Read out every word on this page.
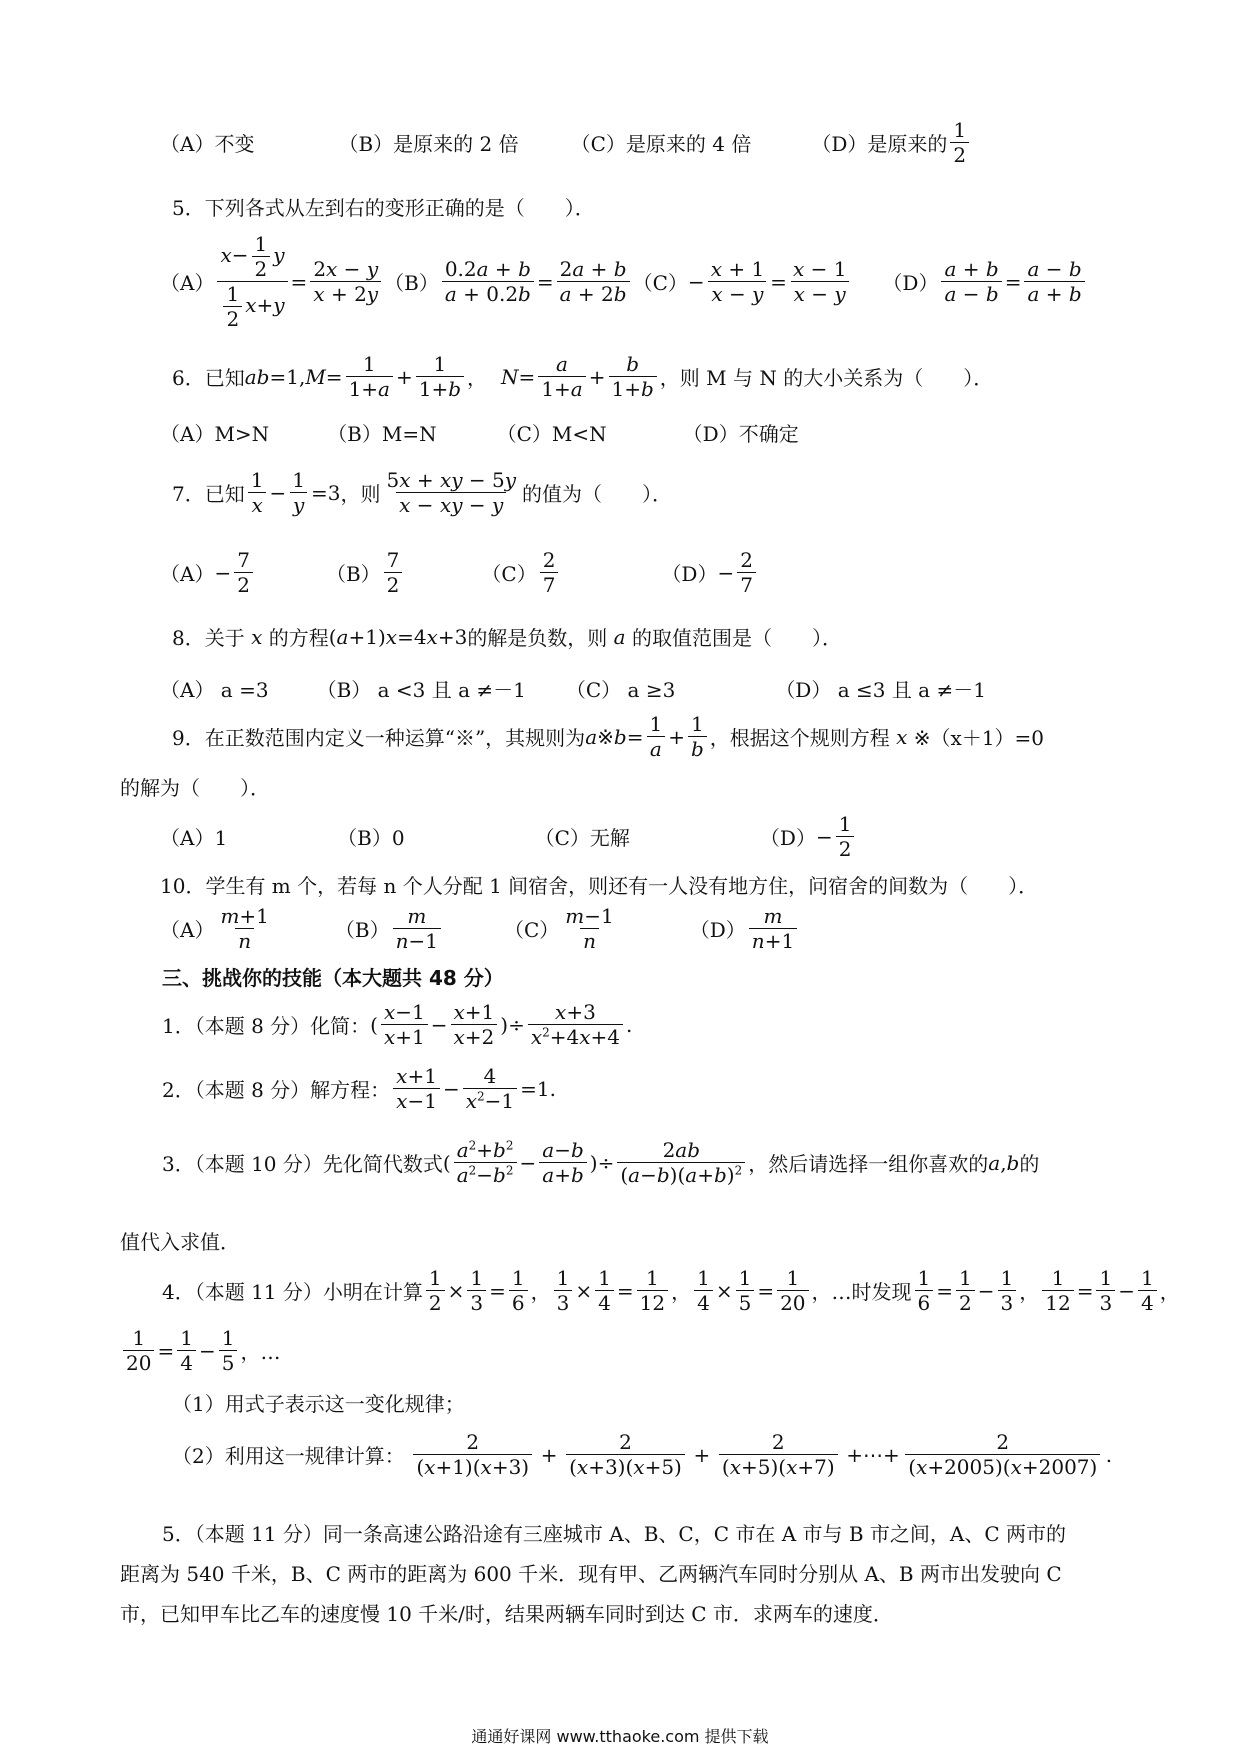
（A）不变	（B）是原来的 2 倍	（C）是原来的 4 倍	（D）是原来的 $\frac{1}{2}$
5．下列各式从左到右的变形正确的是（　　）．
$(A) \frac{x- \frac{1}{2} y}{\frac{1}{2} x+y} = \frac{2x - y}{x + 2y} (B) \frac{0.2a + b}{a + 0.2b} = \frac{2a + b}{a + 2b} (C) - \frac{x + 1}{x - y} = \frac{x - 1}{x - y} (D) \frac{a + b}{a - b} = \frac{a - b}{a + b}$
6．已知 ab =1, $M = \frac{1}{1+a} + \frac{1}{1+b}$ ， $N = \frac{a}{1+a} + \frac{b}{1+b}$ ，则 M 与 N 的大小关系为（　　）．
（A）M>N	（B）M=N	（C）M<N	（D）不确定
7．已知 $\frac{1}{x} - \frac{1}{y} =3$ ，则 $\frac{5x + xy - 5y}{x - xy - y}$ 的值为（　　）．
$(A) - \frac{7}{2}$	$(B) \frac{7}{2}$	$(C) \frac{2}{7}$	$(D) - \frac{2}{7}$
8．关于 x 的方程 ( a +1) x =4 x +3 的解是负数，则 a 的取值范围是（　　）．
（A） a =3 （B） a <3 且 a ≠－1 （C） a ≥3	（D） a ≤3 且 a ≠－1
9．在正数范围内定义一种运算“※”，其规则为 a ※ $b = \frac{1}{a} + \frac{1}{b}$ ，根据这个规则方程 x ※（x＋1）=0
的解为（　　）．
（A）1	（B）0	（C）无解	$(D) - \frac{1}{2}$
10．学生有 m 个，若每 n 个人分配 1 间宿舍，则还有一人没有地方住，问宿舍的间数为（　　）．
$(A) \frac{m+1}{n}$	$(B) \frac{m}{n-1}$	$(C) \frac{m-1}{n}$	$(D) \frac{m}{n+1}$
三、挑战你的技能（本大题共 48 分）
1．（本题 8 分）化简： ( $\frac{x-1}{x+1} - \frac{x+1}{x+2}$ )÷ $\frac{x+3}{x^2+4x+4}$ .
2．（本题 8 分）解方程： $\frac{x+1}{x-1} - \frac{4}{x^2-1} =1$.
3．（本题 10 分）先化简代数式 ( $\frac{a^2+b^2}{a^2-b^2} - \frac{a-b}{a+b}$ )÷ $\frac{2ab}{(a-b)(a+b)^2}$ ，然后请选择一组你喜欢的 a , b 的
值代入求值．
4．（本题 11 分）小明在计算 $\frac{1}{2} \times \frac{1}{3} = \frac{1}{6}$ ， $\frac{1}{3} \times \frac{1}{4} = \frac{1}{12}$ ， $\frac{1}{4} \times \frac{1}{5} = \frac{1}{20}$ ， …时发现 $\frac{1}{6} = \frac{1}{2} - \frac{1}{3}$ ， $\frac{1}{12} = \frac{1}{3} - \frac{1}{4}$ ，
$\frac{1}{20} = \frac{1}{4} - \frac{1}{5}$ ，…
（1）用式子表示这一变化规律；
（2）利用这一规律计算： $\frac{2}{(x+1)(x+3)} + \frac{2}{(x+3)(x+5)} + \frac{2}{(x+5)(x+7)}$ +⋯+ $\frac{2}{(x+2005)(x+2007)}$ .
5．（本题 11 分）同一条高速公路沿途有三座城市 A、B、C，C 市在 A 市与 B 市之间，A、C 两市的
距离为 540 千米，B、C 两市的距离为 600 千米．现有甲、乙两辆汽车同时分别从 A、B 两市出发驶向 C
市，已知甲车比乙车的速度慢 10 千米/时，结果两辆车同时到达 C 市．求两车的速度．
通通好课网 www.tthaoke.com 提供下载
